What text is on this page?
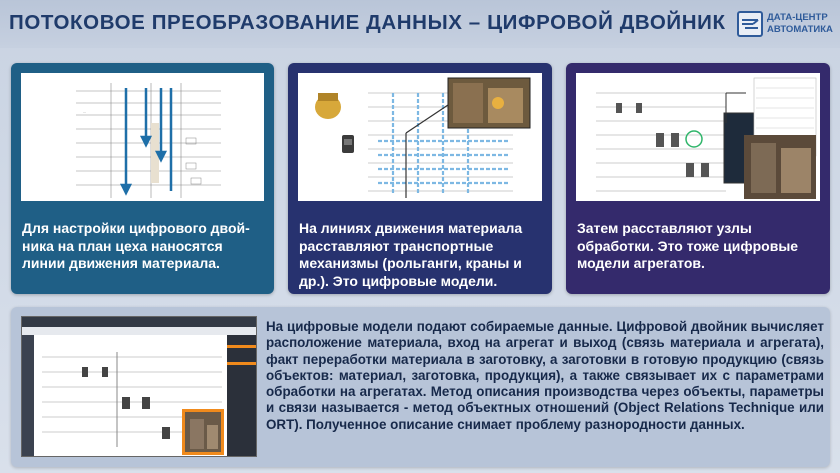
ПОТОКОВОЕ ПРЕОБРАЗОВАНИЕ ДАННЫХ – ЦИФРОВОЙ ДВОЙНИК	ДАТА-ЦЕНТР
АВТОМАТИКА
...
Для настройки цифрового двой-ника на план цеха наносятся линии движения материала.
На линиях движения материала расставляют транспортные механизмы (рольганги, краны и др.). Это цифровые модели.
Затем расставляют узлы обработки. Это тоже цифровые модели агрегатов.
На цифровые модели подают собираемые данные. Цифровой двойник вычисляет расположение материала, вход на агрегат и выход (связь материала и агрегата), факт переработки материала в заготовку, а заготовки в готовую продукцию (связь объектов: материал, заготовка, продукция), а также связывает их с параметрами обработки на агрегатах. Метод описания производства через объекты, параметры и связи называется - метод объектных отношений (Object Relations Technique или ORT). Полученное описание снимает проблему разнородности данных.
